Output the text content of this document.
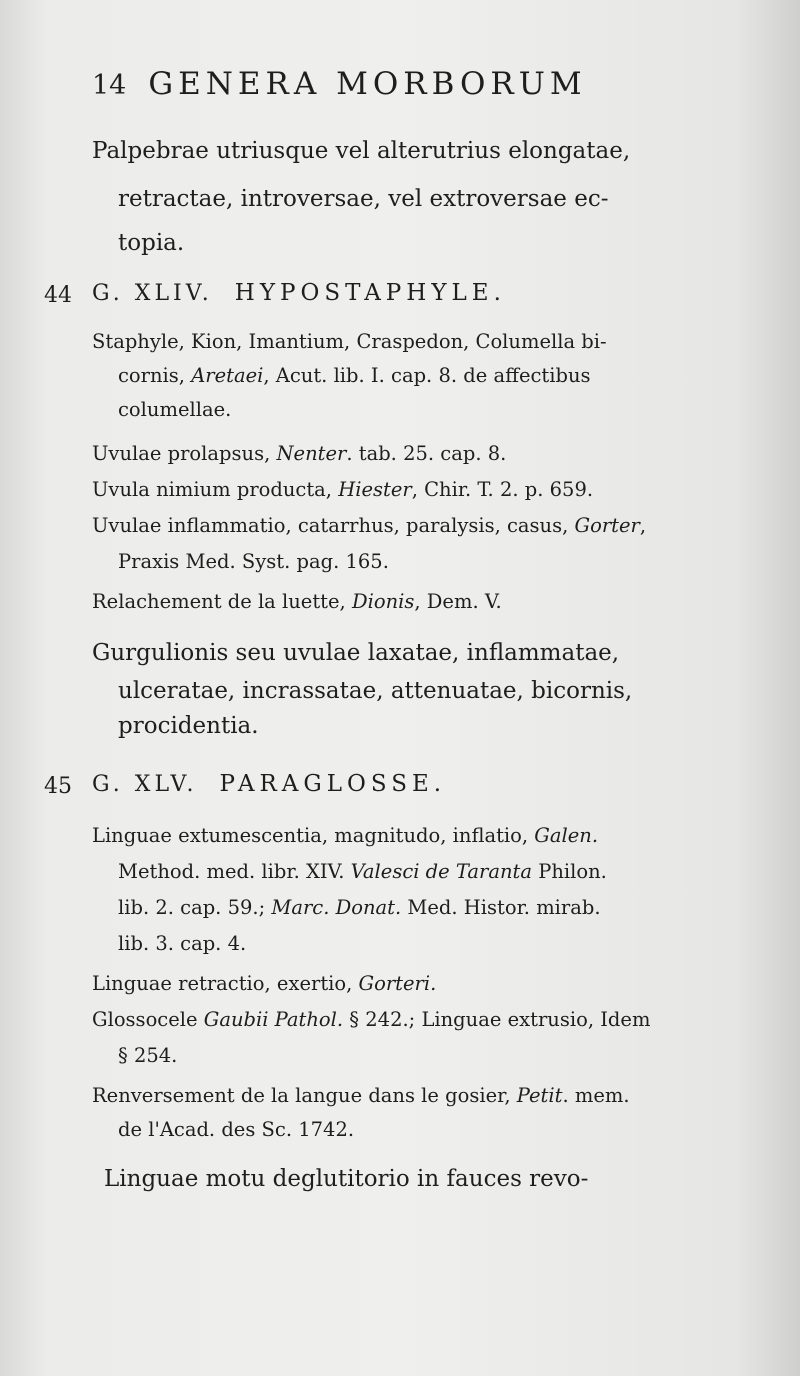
14 GENERA MORBORUM
Palpebrae utriusque vel alterutrius elongatae,
retractae, introversae, vel extroversae ec-
topia.
44 G. XLIV. HYPOSTAPHYLE.
Staphyle, Kion, Imantium, Craspedon, Columella bi-
cornis, Aretaei, Acut. lib. I. cap. 8. de affectibus
columellae.
Uvulae prolapsus, Nenter. tab. 25. cap. 8.
Uvula nimium producta, Hiester, Chir. T. 2. p. 659.
Uvulae inflammatio, catarrhus, paralysis, casus, Gorter,
Praxis Med. Syst. pag. 165.
Relachement de la luette, Dionis, Dem. V.
Gurgulionis seu uvulae laxatae, inflammatae,
ulceratae, incrassatae, attenuatae, bicornis,
procidentia.
45 G. XLV. PARAGLOSSE.
Linguae extumescentia, magnitudo, inflatio, Galen.
Method. med. libr. XIV. Valesci de Taranta Philon.
lib. 2. cap. 59.; Marc. Donat. Med. Histor. mirab.
lib. 3. cap. 4.
Linguae retractio, exertio, Gorteri.
Glossocele Gaubii Pathol. § 242.; Linguae extrusio, Idem
§ 254.
Renversement de la langue dans le gosier, Petit. mem.
de l'Acad. des Sc. 1742.
Linguae motu deglutitorio in fauces revo-
